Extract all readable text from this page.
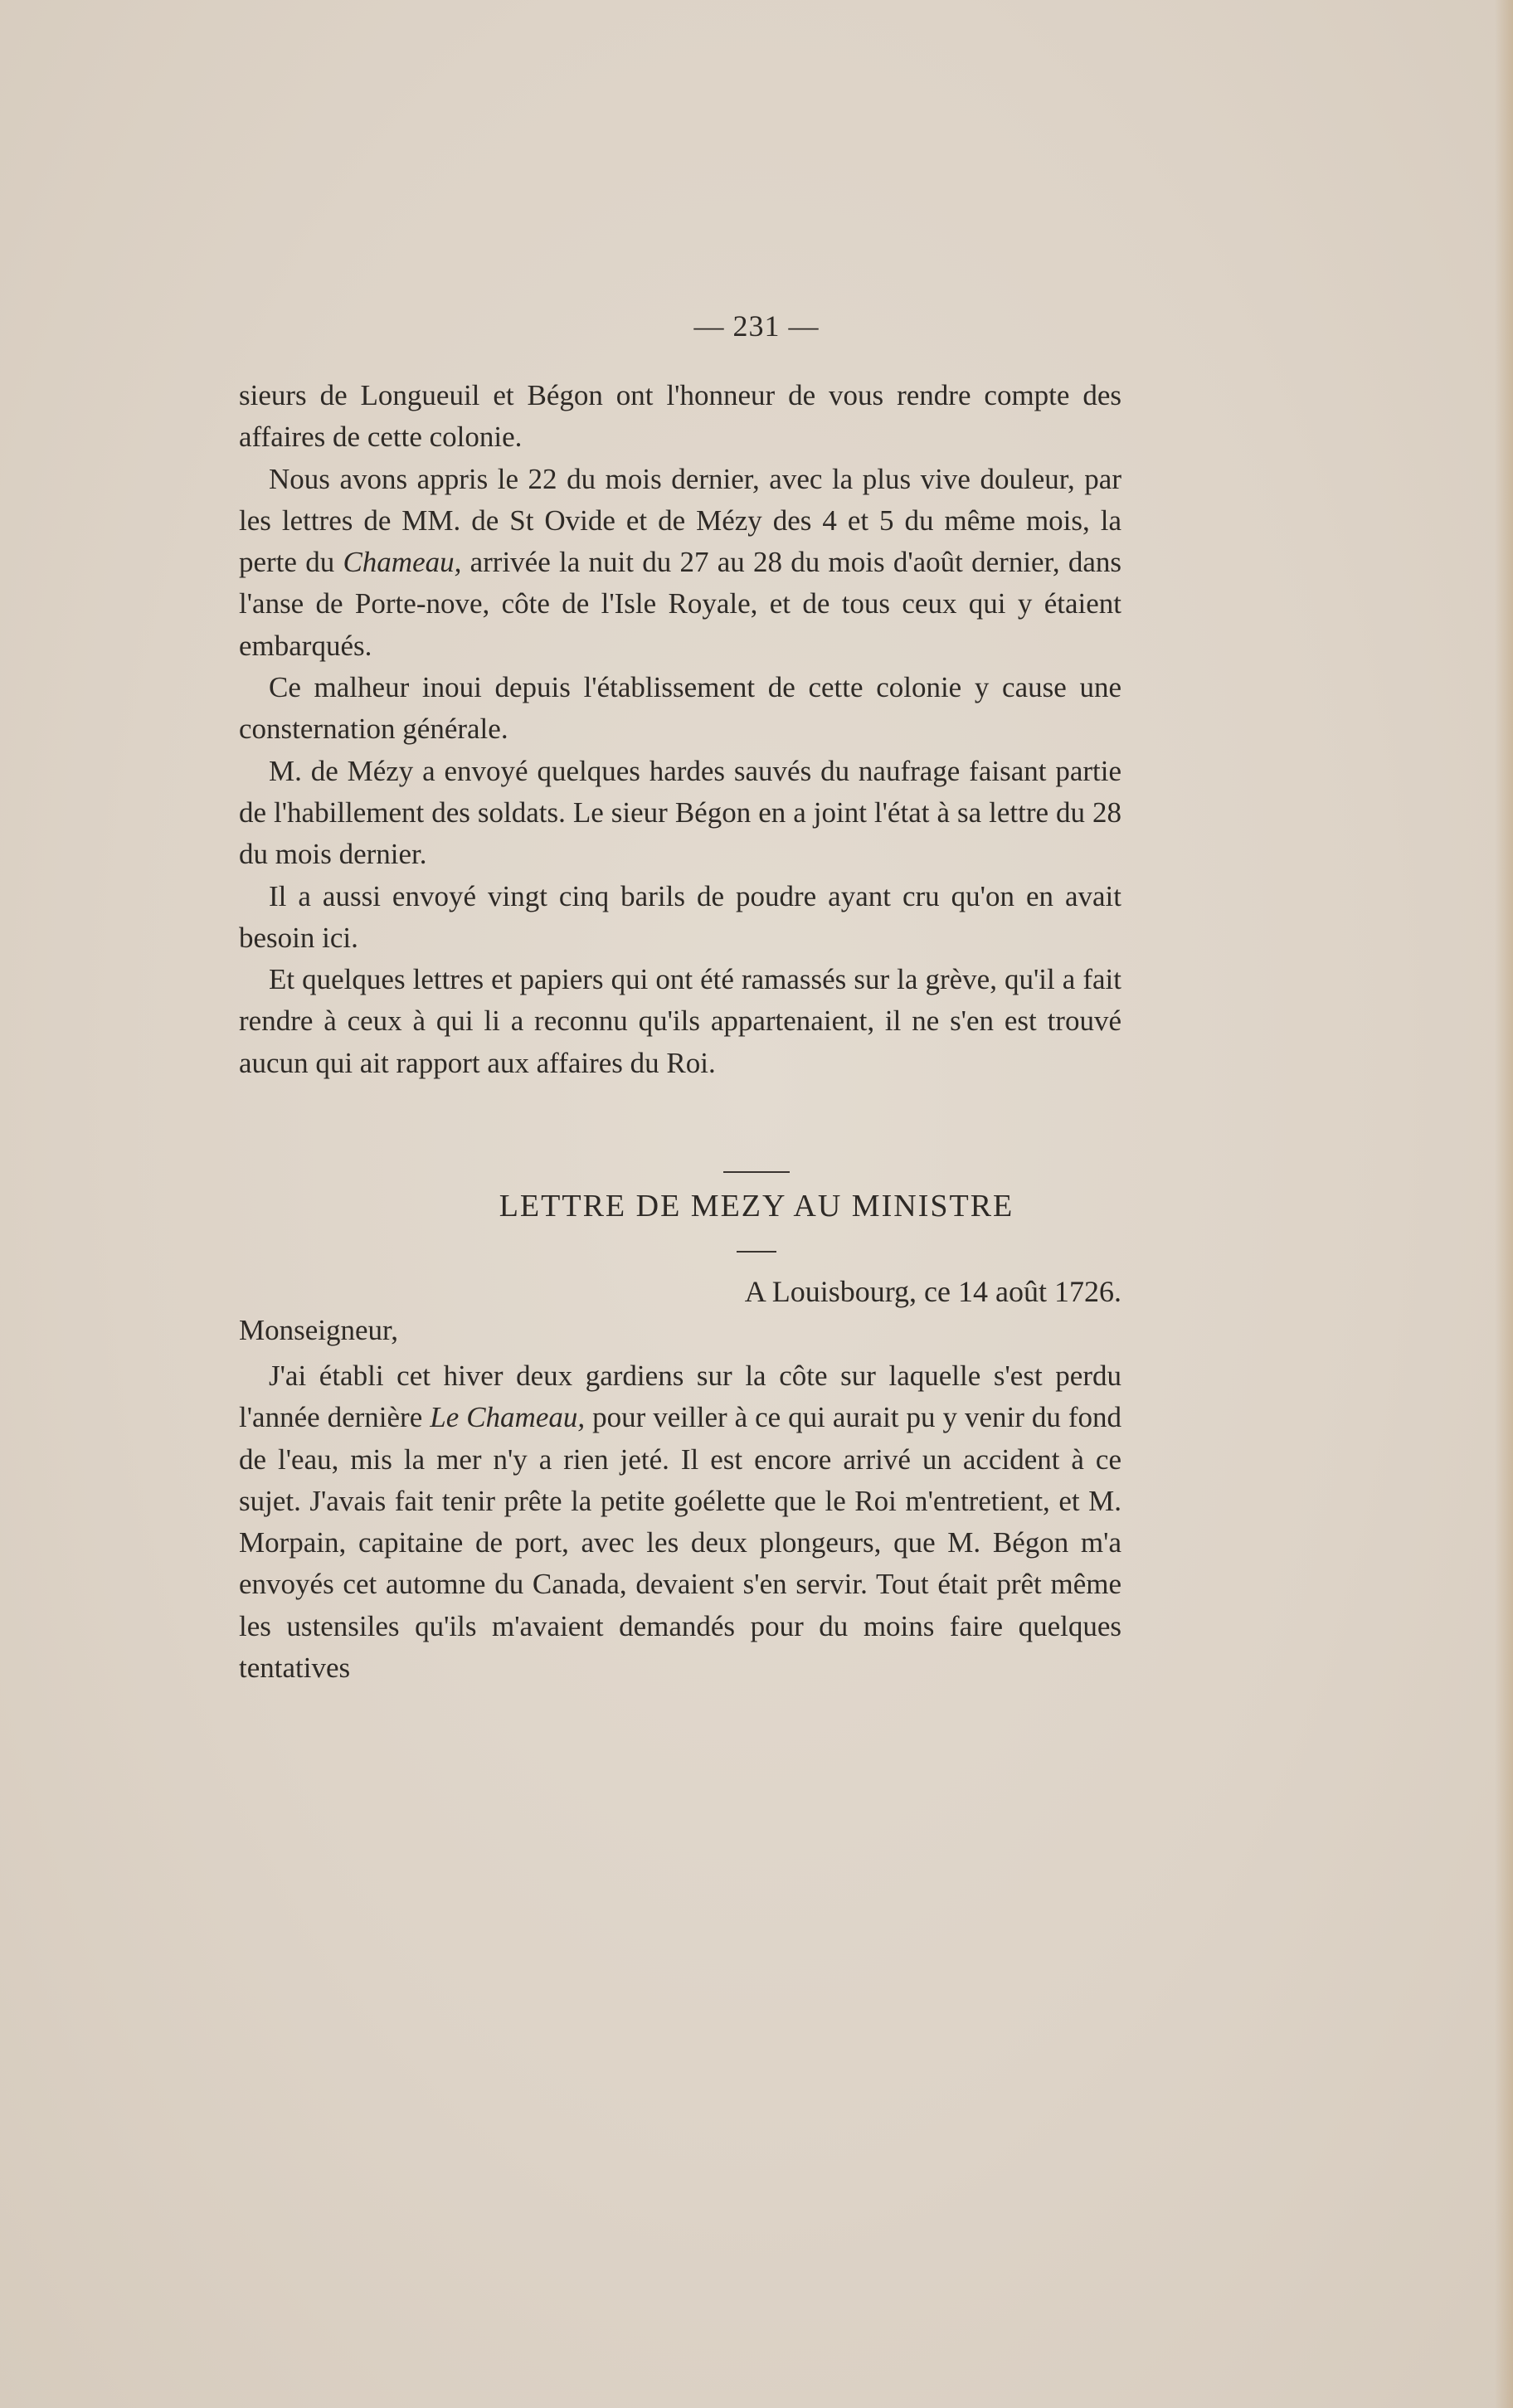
— 231 —

sieurs de Longueuil et Bégon ont l'honneur de vous rendre compte des affaires de cette colonie.

Nous avons appris le 22 du mois dernier, avec la plus vive douleur, par les lettres de MM. de St Ovide et de Mézy des 4 et 5 du même mois, la perte du Chameau, arrivée la nuit du 27 au 28 du mois d'août dernier, dans l'anse de Porte-nove, côte de l'Isle Royale, et de tous ceux qui y étaient embarqués.

Ce malheur inoui depuis l'établissement de cette colonie y cause une consternation générale.

M. de Mézy a envoyé quelques hardes sauvés du naufrage faisant partie de l'habillement des soldats. Le sieur Bégon en a joint l'état à sa lettre du 28 du mois dernier.

Il a aussi envoyé vingt cinq barils de poudre ayant cru qu'on en avait besoin ici.

Et quelques lettres et papiers qui ont été ramassés sur la grève, qu'il a fait rendre à ceux à qui li a reconnu qu'ils appartenaient, il ne s'en est trouvé aucun qui ait rapport aux affaires du Roi.

LETTRE DE MEZY AU MINISTRE
A Louisbourg, ce 14 août 1726.
Monseigneur,

J'ai établi cet hiver deux gardiens sur la côte sur laquelle s'est perdu l'année dernière Le Chameau, pour veiller à ce qui aurait pu y venir du fond de l'eau, mis la mer n'y a rien jeté. Il est encore arrivé un accident à ce sujet. J'avais fait tenir prête la petite goélette que le Roi m'entretient, et M. Morpain, capitaine de port, avec les deux plongeurs, que M. Bégon m'a envoyés cet automne du Canada, devaient s'en servir. Tout était prêt même les ustensiles qu'ils m'avaient demandés pour du moins faire quelques tentatives
